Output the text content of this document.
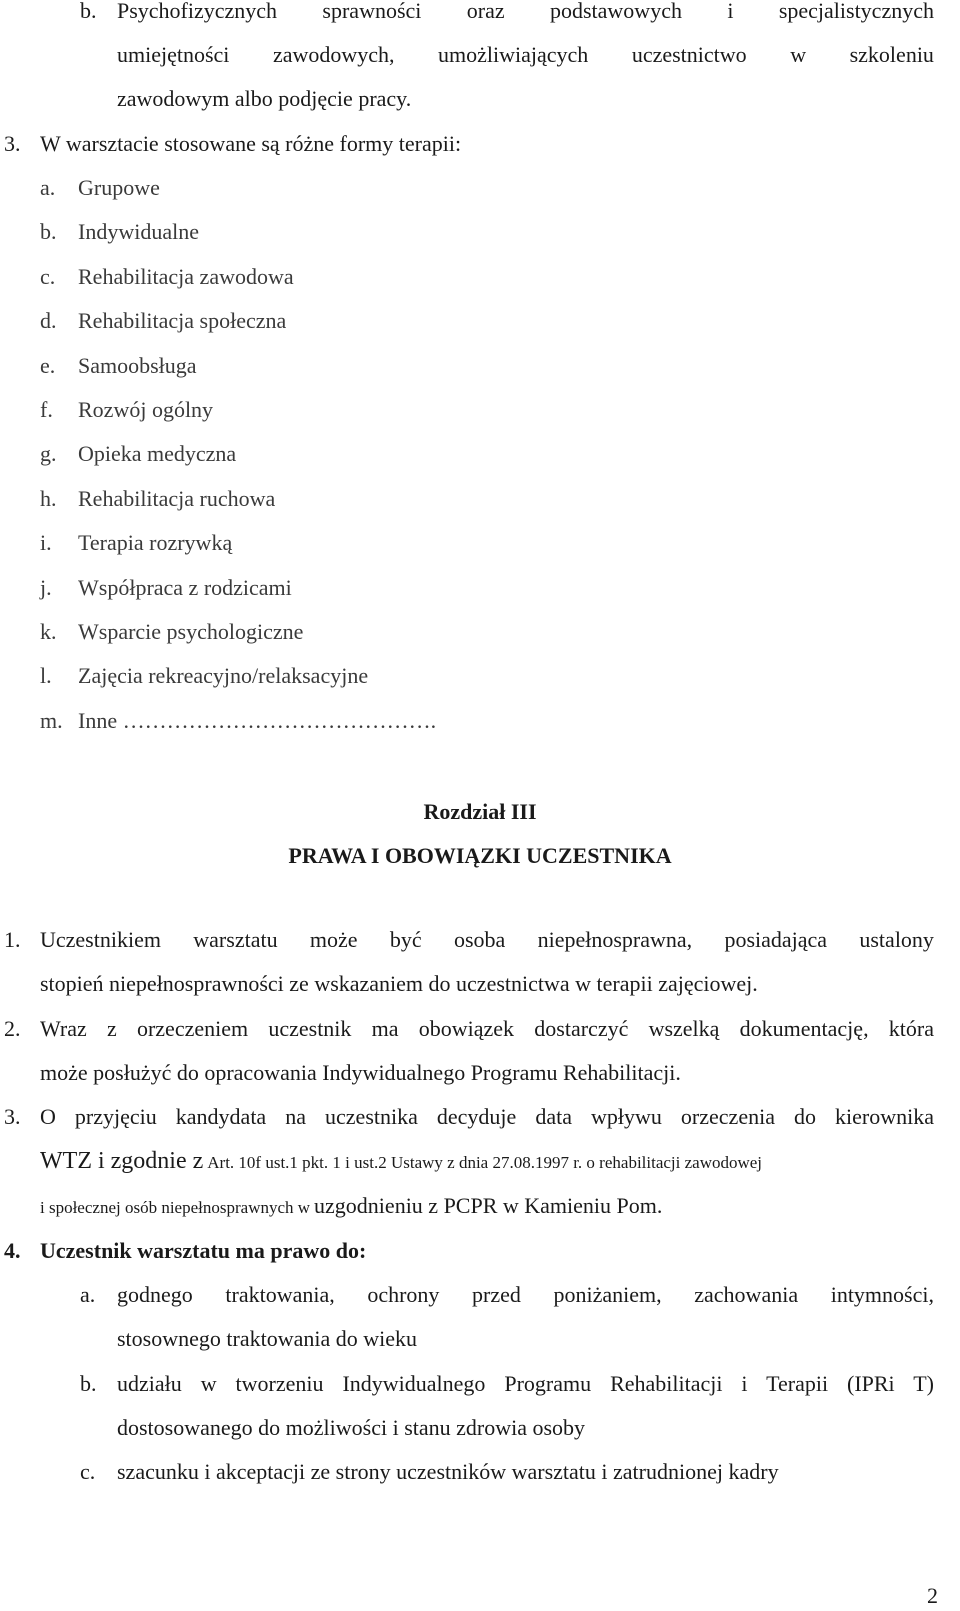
b. Psychofizycznych sprawności oraz podstawowych i specjalistycznych
umiejętności zawodowych, umożliwiających uczestnictwo w szkoleniu
zawodowym albo podjęcie pracy.
3. W warsztacie stosowane są różne formy terapii:
a. Grupowe
b. Indywidualne
c. Rehabilitacja zawodowa
d. Rehabilitacja społeczna
e. Samoobsługa
f. Rozwój ogólny
g. Opieka medyczna
h. Rehabilitacja ruchowa
i. Terapia rozrywką
j. Współpraca z rodzicami
k. Wsparcie psychologiczne
l. Zajęcia rekreacyjno/relaksacyjne
m. Inne …………………………………….
Rozdział III
PRAWA I OBOWIĄZKI UCZESTNIKA
1. Uczestnikiem warsztatu może być osoba niepełnosprawna, posiadająca ustalony
stopień niepełnosprawności ze wskazaniem do uczestnictwa w terapii zajęciowej.
2. Wraz z orzeczeniem uczestnik ma obowiązek dostarczyć wszelką dokumentację, która
może posłużyć do opracowania Indywidualnego Programu Rehabilitacji.
3. O przyjęciu kandydata na uczestnika decyduje data wpływu orzeczenia do kierownika
WTZ i zgodnie z Art. 10f ust.1 pkt. 1 i ust.2 Ustawy z dnia 27.08.1997 r. o rehabilitacji zawodowej
i społecznej osób niepełnosprawnych w uzgodnieniu z PCPR w Kamieniu Pom.
4. Uczestnik warsztatu ma prawo do:
a. godnego traktowania, ochrony przed poniżaniem, zachowania intymności,
stosownego traktowania do wieku
b. udziału w tworzeniu Indywidualnego Programu Rehabilitacji i Terapii (IPRi T)
dostosowanego do możliwości i stanu zdrowia osoby
c. szacunku i akceptacji ze strony uczestników warsztatu i zatrudnionej kadry
2
